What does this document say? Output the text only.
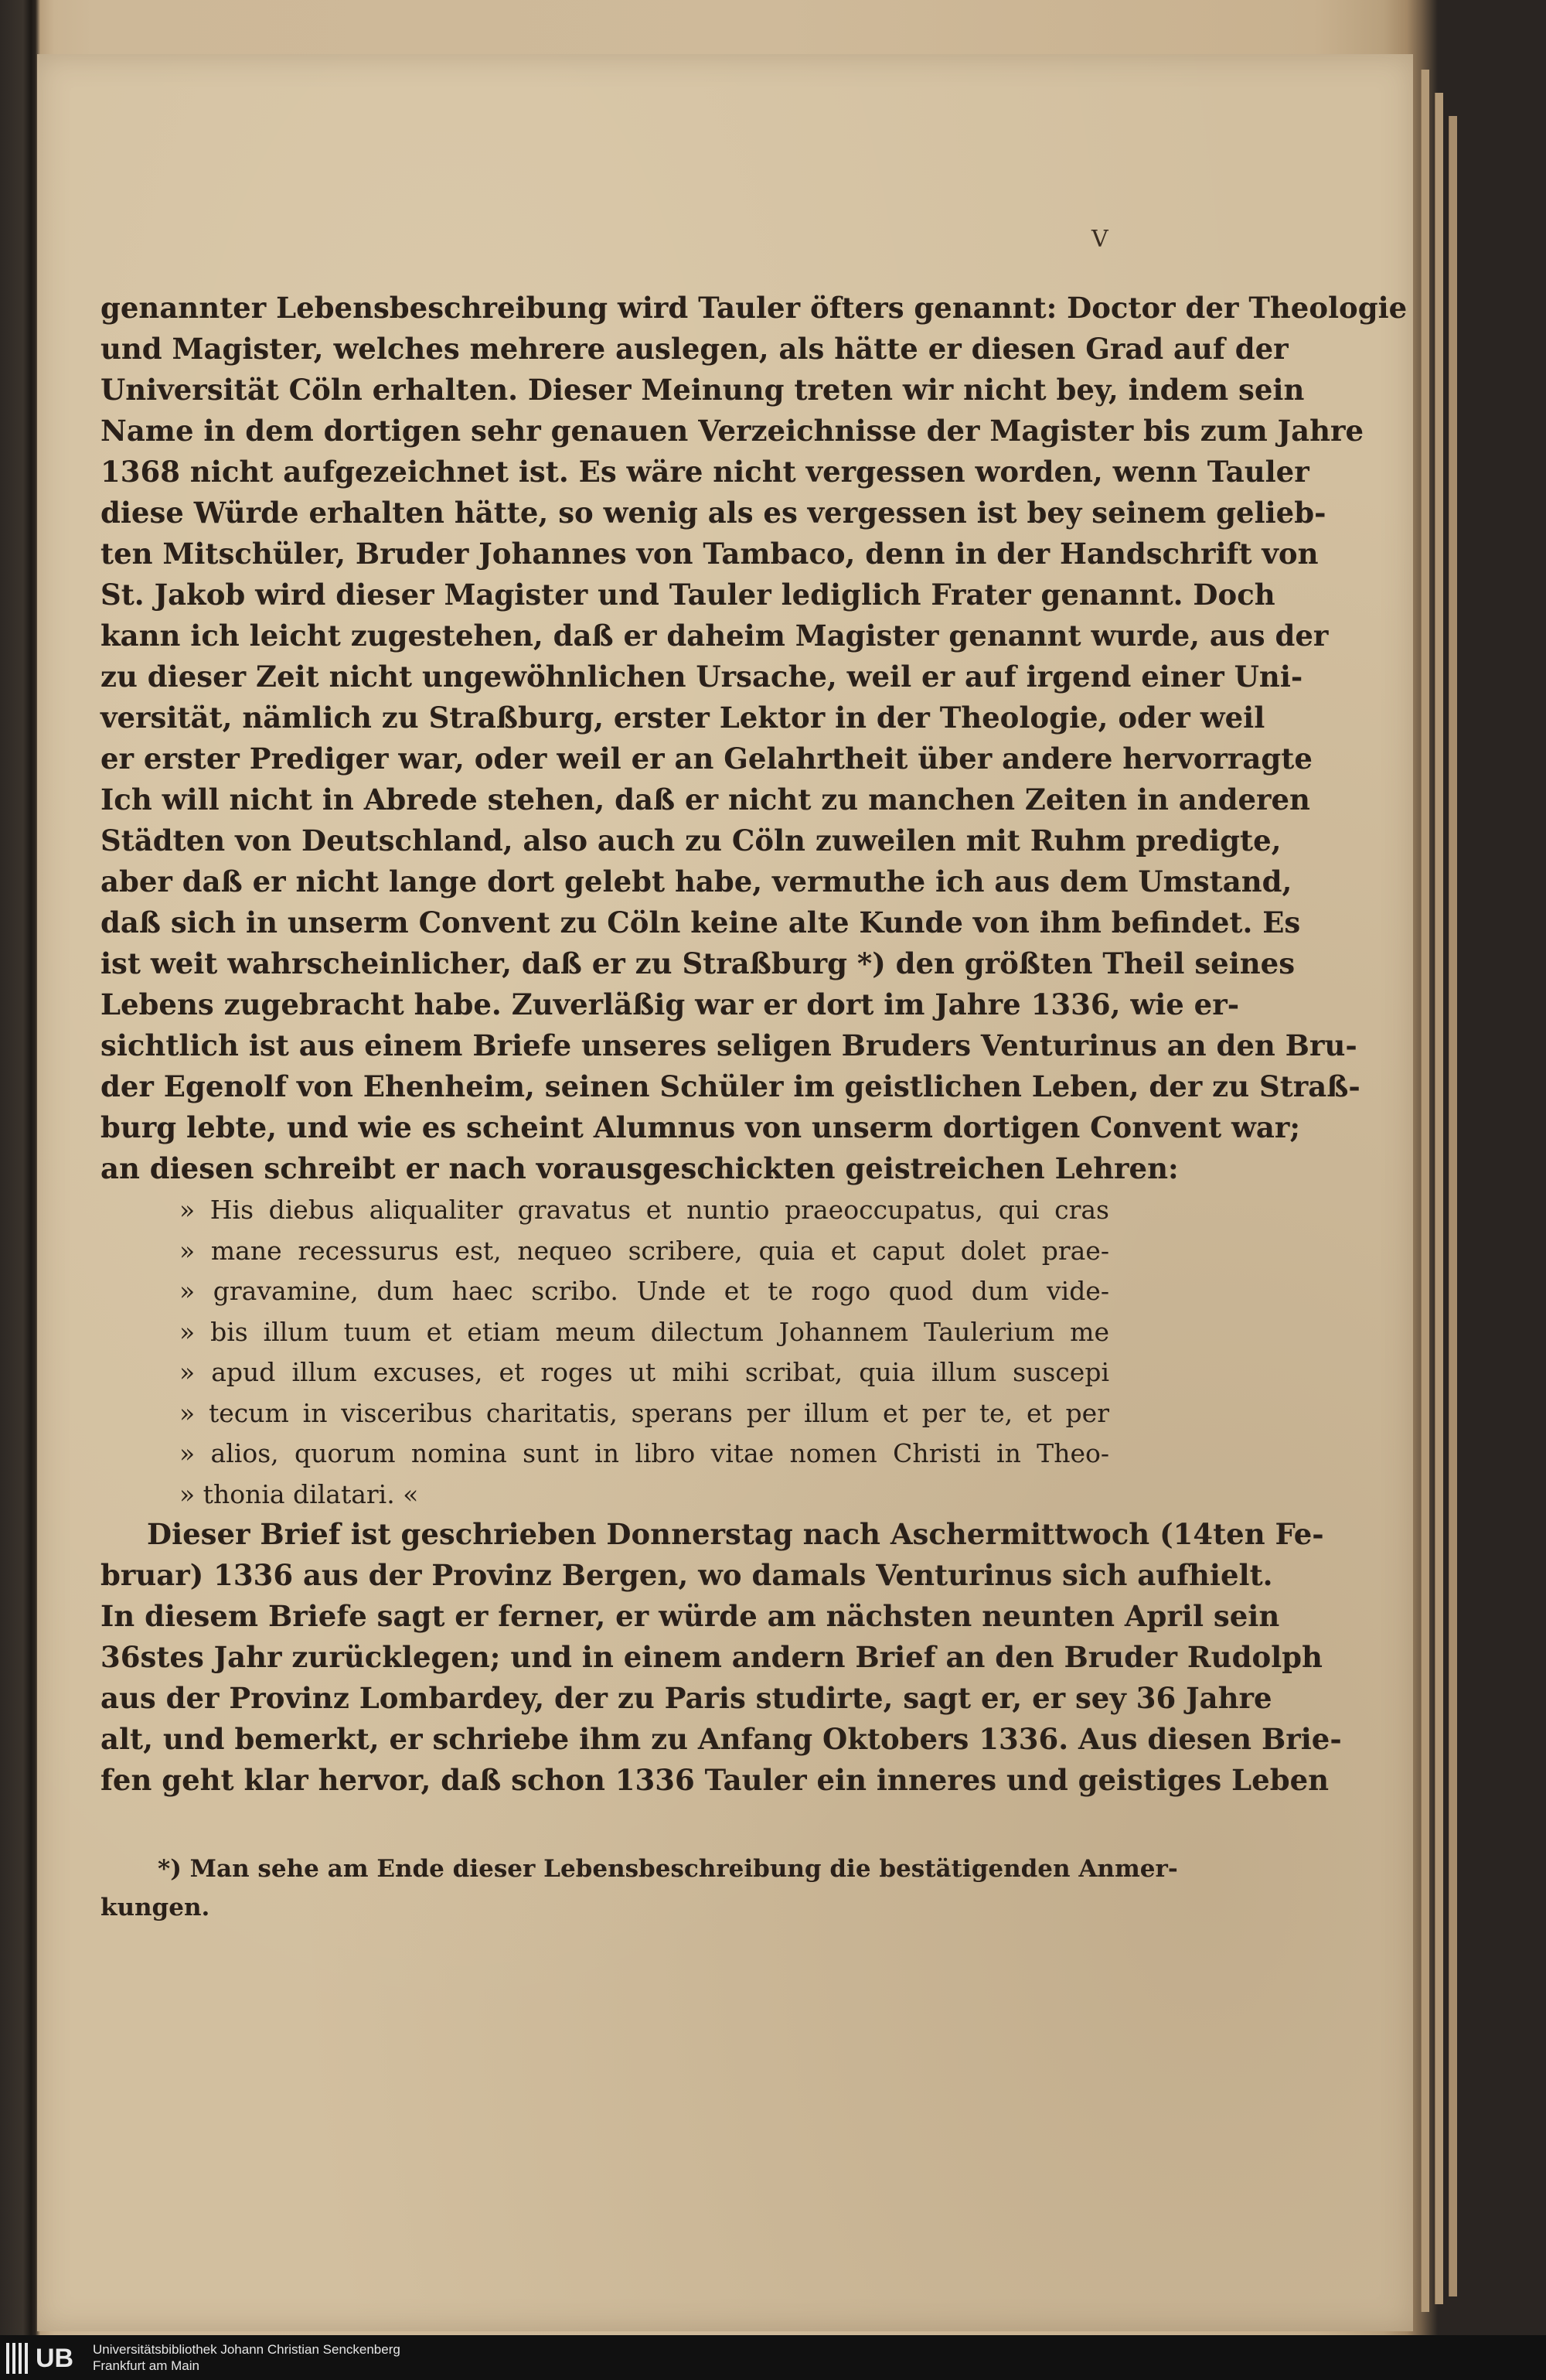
V
genannter Lebensbeschreibung wird Tauler öfters genannt: Doctor der Theologie
und Magister, welches mehrere auslegen, als hätte er diesen Grad auf der
Universität Cöln erhalten. Dieser Meinung treten wir nicht bey, indem sein
Name in dem dortigen sehr genauen Verzeichnisse der Magister bis zum Jahre
1368 nicht aufgezeichnet ist. Es wäre nicht vergessen worden, wenn Tauler
diese Würde erhalten hätte, so wenig als es vergessen ist bey seinem gelieb-
ten Mitschüler, Bruder Johannes von Tambaco, denn in der Handschrift von
St. Jakob wird dieser Magister und Tauler lediglich Frater genannt. Doch
kann ich leicht zugestehen, daß er daheim Magister genannt wurde, aus der
zu dieser Zeit nicht ungewöhnlichen Ursache, weil er auf irgend einer Uni-
versität, nämlich zu Straßburg, erster Lektor in der Theologie, oder weil
er erster Prediger war, oder weil er an Gelahrtheit über andere hervorragte
Ich will nicht in Abrede stehen, daß er nicht zu manchen Zeiten in anderen
Städten von Deutschland, also auch zu Cöln zuweilen mit Ruhm predigte,
aber daß er nicht lange dort gelebt habe, vermuthe ich aus dem Umstand,
daß sich in unserm Convent zu Cöln keine alte Kunde von ihm befindet. Es
ist weit wahrscheinlicher, daß er zu Straßburg *) den größten Theil seines
Lebens zugebracht habe. Zuverläßig war er dort im Jahre 1336, wie er-
sichtlich ist aus einem Briefe unseres seligen Bruders Venturinus an den Bru-
der Egenolf von Ehenheim, seinen Schüler im geistlichen Leben, der zu Straß-
burg lebte, und wie es scheint Alumnus von unserm dortigen Convent war;
an diesen schreibt er nach vorausgeschickten geistreichen Lehren:
» His diebus aliqualiter gravatus et nuntio praeoccupatus, qui cras
» mane recessurus est, nequeo scribere, quia et caput dolet prae-
» gravamine, dum haec scribo. Unde et te rogo quod dum vide-
» bis illum tuum et etiam meum dilectum Johannem Taulerium me
» apud illum excuses, et roges ut mihi scribat, quia illum suscepi
» tecum in visceribus charitatis, sperans per illum et per te, et per
» alios, quorum nomina sunt in libro vitae nomen Christi in Theo-
» thonia dilatari. «
Dieser Brief ist geschrieben Donnerstag nach Aschermittwoch (14ten Fe-
bruar) 1336 aus der Provinz Bergen, wo damals Venturinus sich aufhielt.
In diesem Briefe sagt er ferner, er würde am nächsten neunten April sein
36stes Jahr zurücklegen; und in einem andern Brief an den Bruder Rudolph
aus der Provinz Lombardey, der zu Paris studirte, sagt er, er sey 36 Jahre
alt, und bemerkt, er schriebe ihm zu Anfang Oktobers 1336. Aus diesen Brie-
fen geht klar hervor, daß schon 1336 Tauler ein inneres und geistiges Leben
*) Man sehe am Ende dieser Lebensbeschreibung die bestätigenden Anmer-
kungen.
UB Universitätsbibliothek Johann Christian Senckenberg
Frankfurt am Main
